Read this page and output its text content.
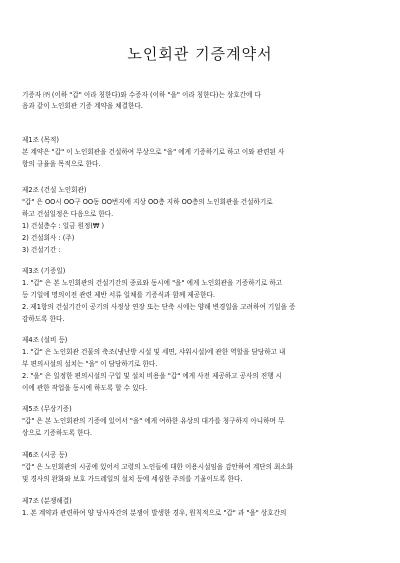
노인회관 기증계약서
기증자 ㈜ (이하 "갑" 이라 칭한다)와 수증자 (이하 "을" 이라 칭한다)는 상호간에 다
음과 같이 노인회관 기증 계약을 체결한다.
제1조 (목적)
본 계약은 "갑" 이 노인회관을 건설하여 무상으로 "을" 에게 기증하기로 하고 이와 관련된 사
항의 규율을 목적으로 한다.
제2조 (건설 노인회관)
"갑" 은 OO시 OO구 OO동 OO번지에 지상 OO층 지하 OO층의 노인회관을 건설하기로
하고 건설일정은 다음으로 한다.
1) 건설층수 : 일금 원정(₩ )
2) 건설회사 : (주)
3) 건설기간 :
제3조 (기증일)
1. "갑" 은 본 노인회관의 건설기간의 종료와 동시에 "을" 에게 노인회관을 기증하기로 하고
등 기일에 명의이전 관련 제반 서류 일체를 기증식과 함께 제공한다.
2. 제1항의 건설기간이 공기의 사정상 연장 또는 단축 시에는 양해 변경일을 고려하여 기일을 증
감하도록 한다.
제4조 (설비 등)
1. "갑" 은 노인회관 건물의 축조(냉난방 시설 및 세면, 샤워시설)에 관한 역할을 담당하고 내
부 편의시설의 설치는 "을" 이 담당하기로 한다.
2. "을" 은 일정한 편의시설의 구입 및 설치 비용을 "갑" 에게 사전 제공하고 공사의 진행 시
이에 관한 작업을 동시에 하도록 할 수 있다.
제5조 (무상기증)
"갑" 은 본 노인회관의 기증에 있어서 "을" 에게 여하한 유상의 대가를 청구하지 아니하며 무
상으로 기증하도록 한다.
제6조 (시공 등)
"갑" 은 노인회관의 시공에 있어서 고령의 노인들에 대한 이용시설임을 감안하여 계단의 최소화
및 경사의 완화와 보호 가드레일의 설치 등에 세심한 주의를 기울이도록 한다.
제7조 (분쟁해결)
1. 본 계약과 관련하여 양 당사자간의 분쟁이 발생한 경우, 원칙적으로 "갑" 과 "을" 상호간의
